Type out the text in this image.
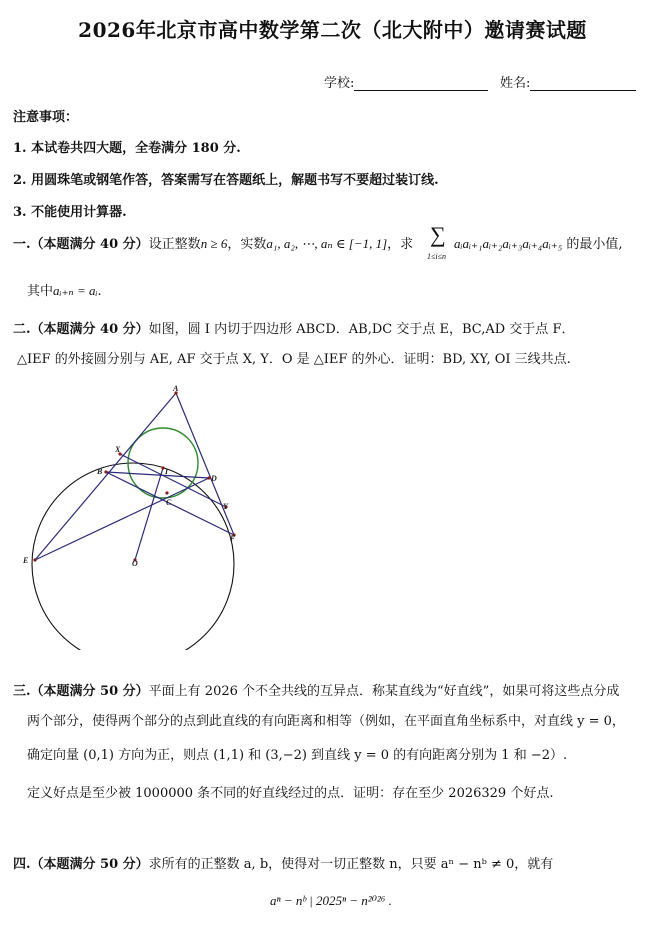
2026年北京市高中数学第二次（北大附中）邀请赛试题
学校:	姓名:
注意事项：
1. 本试卷共四大题，全卷满分 180 分.
2. 用圆珠笔或钢笔作答，答案需写在答题纸上，解题书写不要超过装订线.
3. 不能使用计算器.
一.（本题满分 40 分）设正整数n ≥ 6，实数a₁, a₂, ⋯, aₙ ∈ [−1, 1]，求 ∑
1≤i≤n
aᵢaᵢ₊₁aᵢ₊₂aᵢ₊₃aᵢ₊₄aᵢ₊₅ 的最小值,
其中aᵢ₊ₙ = aᵢ.
二.（本题满分 40 分）如图，圆 I 内切于四边形 ABCD．AB,DC 交于点 E，BC,AD 交于点 F．
△IEF 的外接圆分别与 AE, AF 交于点 X, Y．O 是 △IEF 的外心．证明：BD, XY, OI 三线共点.
A
B
C
D
E
F
X
Y
I
O
三.（本题满分 50 分）平面上有 2026 个不全共线的互异点．称某直线为“好直线”，如果可将这些点分成
两个部分，使得两个部分的点到此直线的有向距离和相等（例如，在平面直角坐标系中，对直线 y = 0，
确定向量 (0,1) 方向为正，则点 (1,1) 和 (3,−2) 到直线 y = 0 的有向距离分别为 1 和 −2）.
定义好点是至少被 1000000 条不同的好直线经过的点．证明：存在至少 2026329 个好点.
四.（本题满分 50 分）求所有的正整数 a, b，使得对一切正整数 n，只要 aⁿ − nᵇ ≠ 0，就有
aⁿ − nᵇ | 2025ⁿ − n²⁰²⁶ .
